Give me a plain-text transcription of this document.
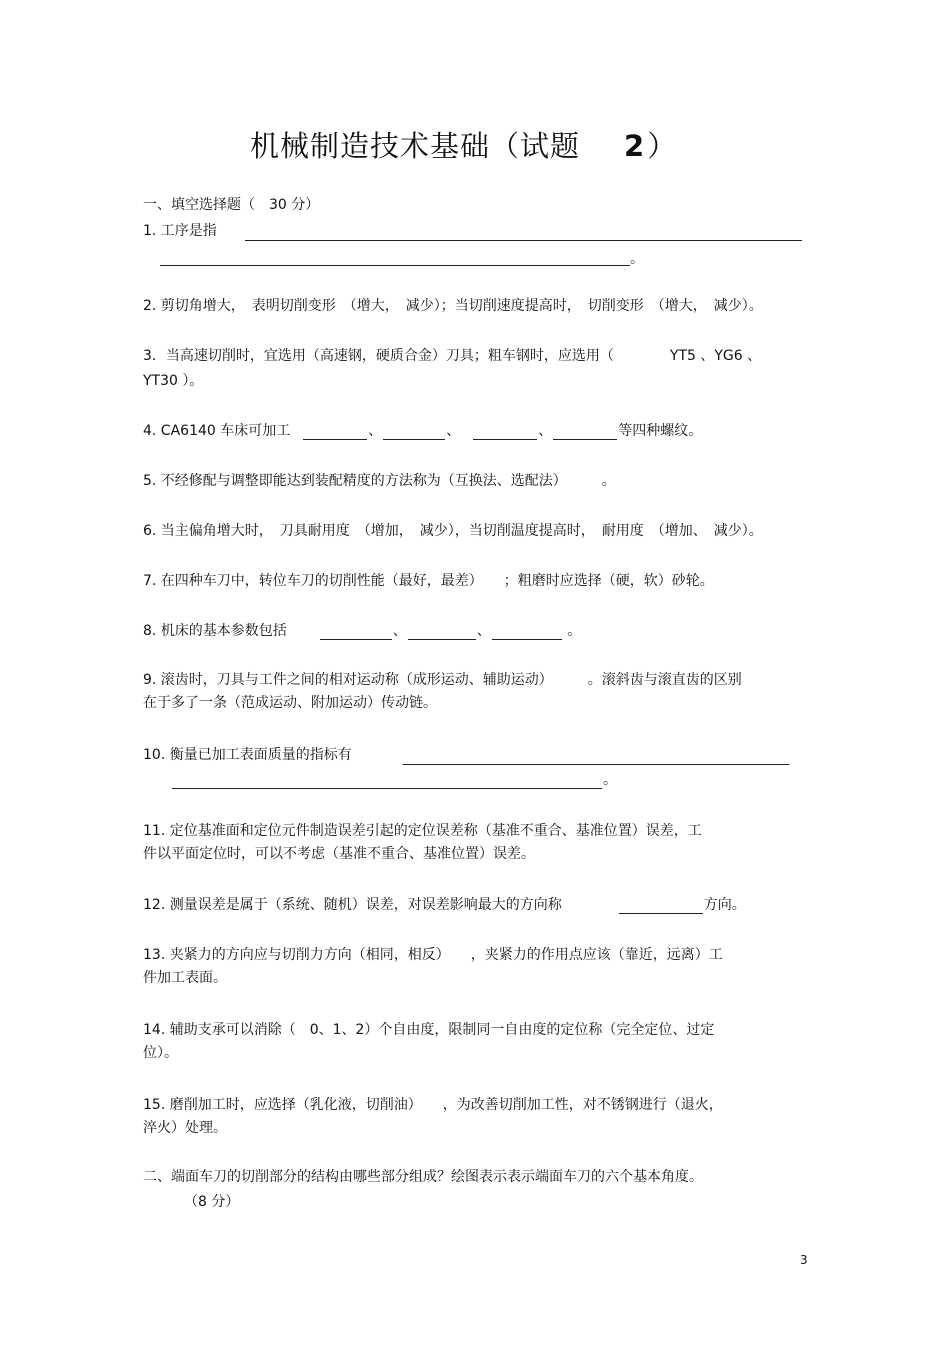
机械制造技术基础（试题 2）
一、填空选择题（　30 分）
1. 工序是指
。
2. 剪切角增大，　表明切削变形　（增大，　减少）；当切削速度提高时，　切削变形　（增大，　减少）。
3．当高速切削时，宜选用（高速钢，硬质合金）刀具；粗车钢时，应选用（　　　　YT5 、YG6 、
YT30 ）。
4. CA6140 车床可加工	、	、	、	等四种螺纹。
5. 不经修配与调整即能达到装配精度的方法称为（互换法、选配法）　　　。
6. 当主偏角增大时，　刀具耐用度　（增加，　减少），当切削温度提高时，　耐用度　（增加、　减少）。
7. 在四种车刀中，转位车刀的切削性能（最好，最差）　　；粗磨时应选择（硬，软）砂轮。
8. 机床的基本参数包括	、	、	。
9. 滚齿时，刀具与工件之间的相对运动称（成形运动、辅助运动）　　　。滚斜齿与滚直齿的区别
在于多了一条（范成运动、附加运动）传动链。
10. 衡量已加工表面质量的指标有
。
11. 定位基准面和定位元件制造误差引起的定位误差称（基准不重合、基准位置）误差，工
件以平面定位时，可以不考虑（基准不重合、基准位置）误差。
12. 测量误差是属于（系统、随机）误差，对误差影响最大的方向称	方向。
13. 夹紧力的方向应与切削力方向（相同，相反）　　，夹紧力的作用点应该（靠近，远离）工
件加工表面。
14. 辅助支承可以消除（　0、1、2）个自由度，限制同一自由度的定位称（完全定位、过定
位）。
15. 磨削加工时，应选择（乳化液，切削油）　　，为改善切削加工性，对不锈钢进行（退火，
淬火）处理。
二、端面车刀的切削部分的结构由哪些部分组成？绘图表示表示端面车刀的六个基本角度。
（8 分）
3
